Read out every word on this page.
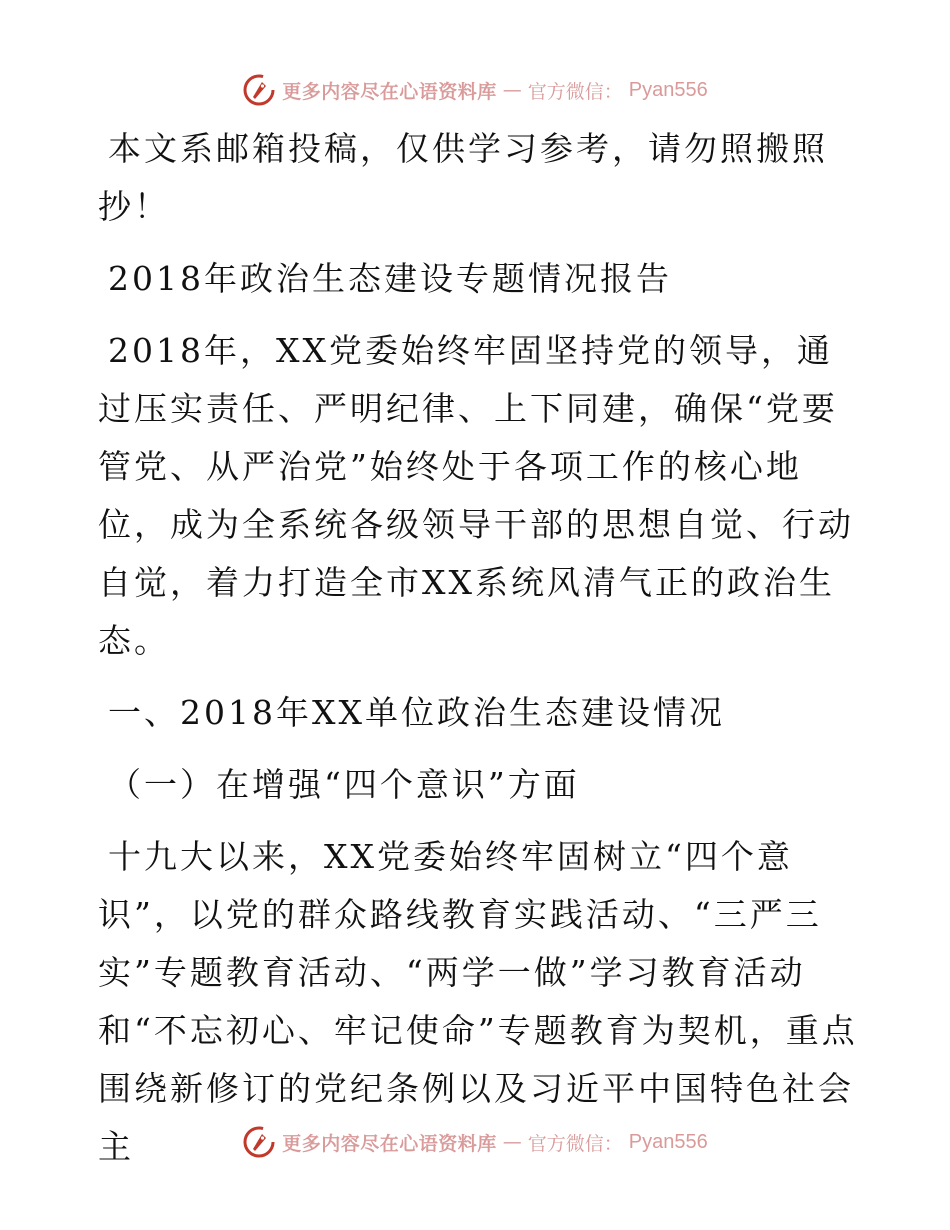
更多内容尽在心语资料库 — 官方微信： Pyan556

本文系邮箱投稿，仅供学习参考，请勿照搬照抄！

2018年政治生态建设专题情况报告

2018年，XX党委始终牢固坚持党的领导，通过压实责任、严明纪律、上下同建，确保“党要管党、从严治党”始终处于各项工作的核心地位，成为全系统各级领导干部的思想自觉、行动自觉，着力打造全市XX系统风清气正的政治生态。

一、2018年XX单位政治生态建设情况

（一）在增强“四个意识”方面

十九大以来，XX党委始终牢固树立“四个意识”，以党的群众路线教育实践活动、“三严三实”专题教育活动、“两学一做”学习教育活动和“不忘初心、牢记使命”专题教育为契机，重点围绕新修订的党纪条例以及习近平中国特色社会主	更多内容尽在心语资料库 — 官方微信： Pyan556
